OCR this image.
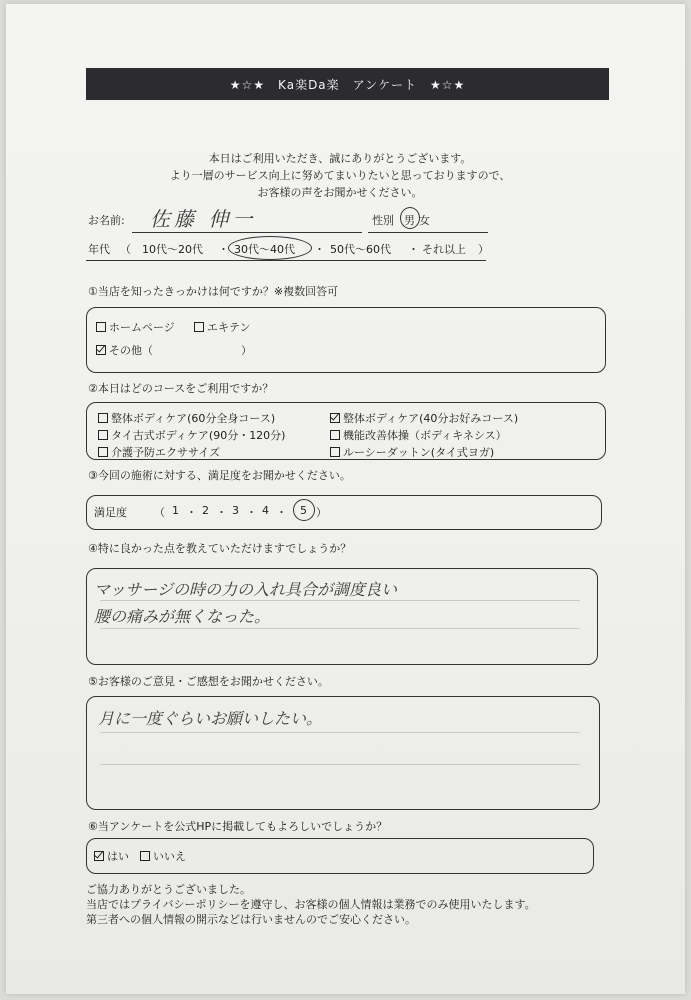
★☆★　Ka楽Da楽　アンケート　★☆★
本日はご利用いただき、誠にありがとうございます。
より一層のサービス向上に努めてまいりたいと思っておりますので、
お客様の声をお聞かせください。
お名前: 佐藤 伸一	性別 男 女
年代 （ 10代～20代 ・ 30代～40代 ・ 50代～60代 ・ それ以上 ）
①当店を知ったきっかけは何ですか？※複数回答可
ホームページ	エキテン
その他（　　　　　　　　）
②本日はどのコースをご利用ですか？
整体ボディケア(60分全身コース)	整体ボディケア(40分お好みコース)
タイ古式ボディケア(90分・120分)	機能改善体操（ボディキネシス）
介護予防エクササイズ	ルーシーダットン(タイ式ヨガ)
③今回の施術に対する、満足度をお聞かせください。
満足度 （ 1 ・ 2 ・ 3 ・ 4 ・ 5 ）
④特に良かった点を教えていただけますでしょうか？
マッサージの時の力の入れ具合が調度良い
腰の痛みが無くなった。
⑤お客様のご意見・ご感想をお聞かせください。
月に一度ぐらいお願いしたい。
⑥当アンケートを公式HPに掲載してもよろしいでしょうか？
はい	いいえ
ご協力ありがとうございました。
当店ではプライバシーポリシーを遵守し、お客様の個人情報は業務でのみ使用いたします。
第三者への個人情報の開示などは行いませんのでご安心ください。
